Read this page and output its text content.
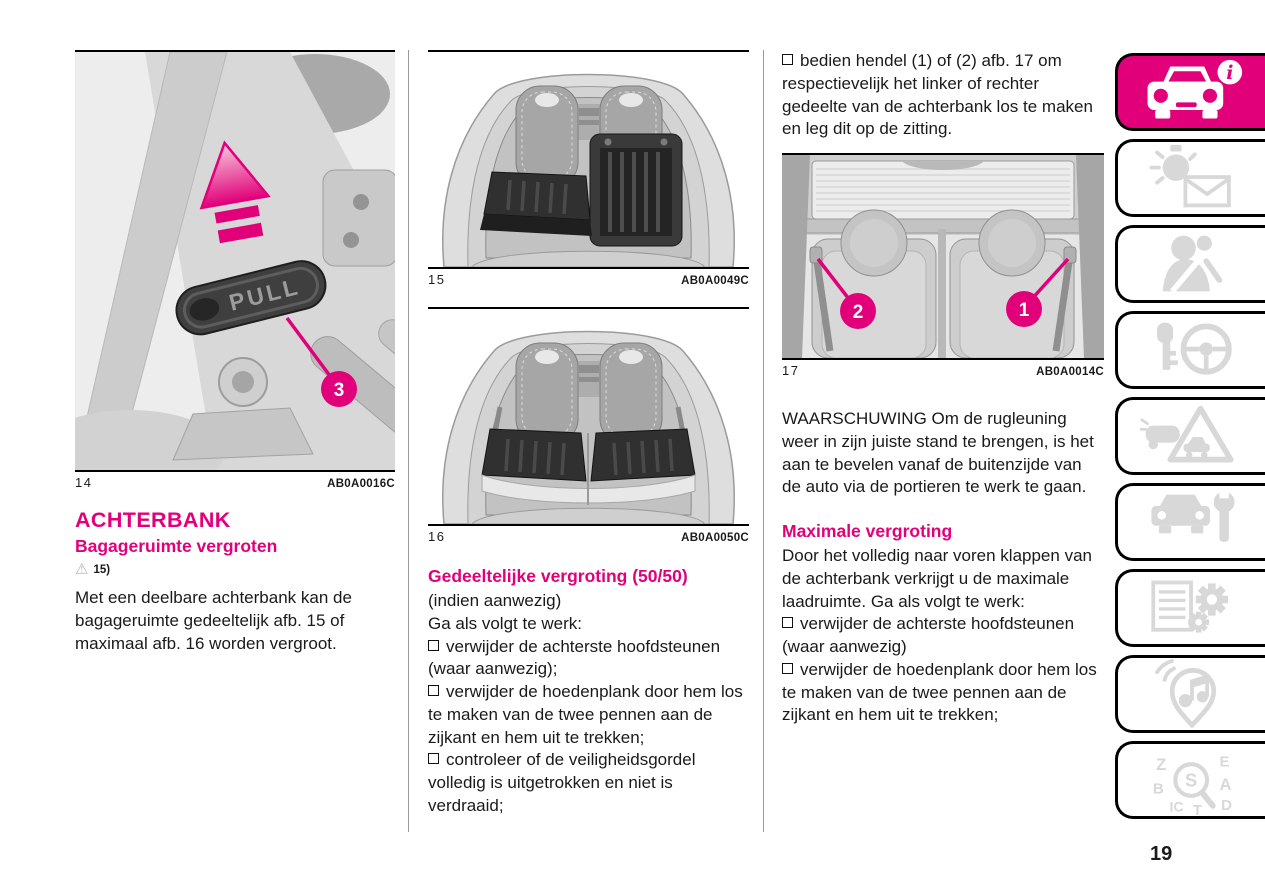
PULL
3
14	AB0A0016C
ACHTERBANK
Bagageruimte vergroten
⚠ 15)

Met een deelbare achterbank kan de bagageruimte gedeeltelijk afb. 15 of maximaal afb. 16 worden vergroot.

15	AB0A0049C
16	AB0A0050C
Gedeeltelijke vergroting (50/50)

(indien aanwezig)

Ga als volgt te werk:

verwijder de achterste hoofdsteunen (waar aanwezig);

verwijder de hoedenplank door hem los te maken van de twee pennen aan de zijkant en hem uit te trekken;

controleer of de veiligheidsgordel volledig is uitgetrokken en niet is verdraaid;

bedien hendel (1) of (2) afb. 17 om respectievelijk het linker of rechter gedeelte van de achterbank los te maken en leg dit op de zitting.

2	1
17	AB0A0014C

WAARSCHUWING Om de rugleuning weer in zijn juiste stand te brengen, is het aan te bevelen vanaf de buitenzijde van de auto via de portieren te werk te gaan.

Maximale vergroting

Door het volledig naar voren klappen van de achterbank verkrijgt u de maximale laadruimte. Ga als volgt te werk:

verwijder de achterste hoofdsteunen (waar aanwezig)

verwijder de hoedenplank door hem los te maken van de twee pennen aan de zijkant en hem uit te trekken;

i
Z	E
B	A
IC T D
S
19
